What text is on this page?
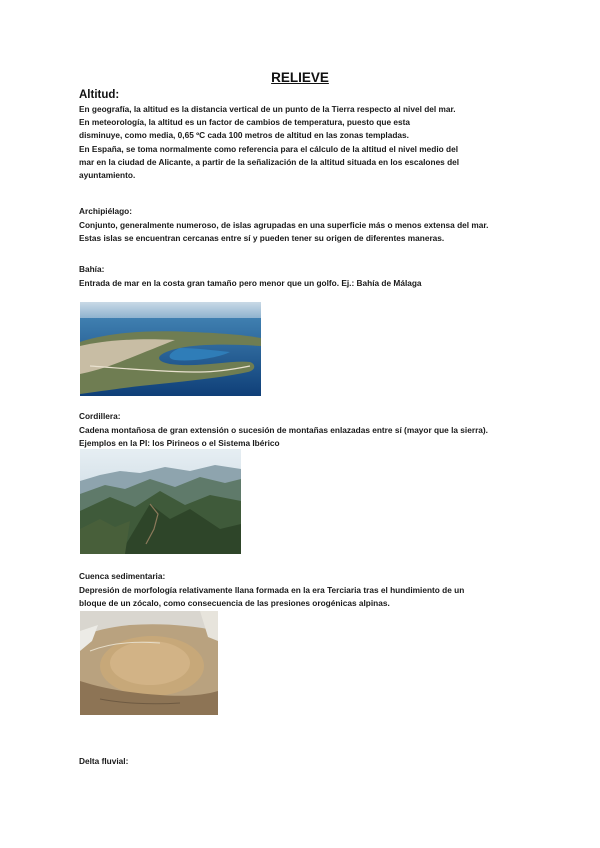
RELIEVE
Altitud:
En geografía, la altitud es la distancia vertical de un punto de la Tierra respecto al nivel del mar.
En meteorología, la altitud es un factor de cambios de temperatura, puesto que esta
disminuye, como media, 0,65 ºC cada 100 metros de altitud en las zonas templadas.
En España, se toma normalmente como referencia para el cálculo de la altitud el nivel medio del
mar en la ciudad de Alicante, a partir de la señalización de la altitud situada en los escalones del
ayuntamiento.
Archipiélago:
Conjunto, generalmente numeroso, de islas agrupadas en una superficie más o menos extensa del mar.
Estas islas se encuentran cercanas entre sí y pueden tener su origen de diferentes maneras.
Bahía:
Entrada de mar en la costa gran tamaño pero menor que un golfo. Ej.: Bahía de Málaga
Cordillera:
Cadena montañosa de gran extensión o sucesión de montañas enlazadas entre sí (mayor que la sierra).
Ejemplos en la PI: los Pirineos o el Sistema Ibérico
Cuenca sedimentaria:
Depresión de morfología relativamente llana formada en la era Terciaria tras el hundimiento de un
bloque de un zócalo, como consecuencia de las presiones orogénicas alpinas.
Delta fluvial:
